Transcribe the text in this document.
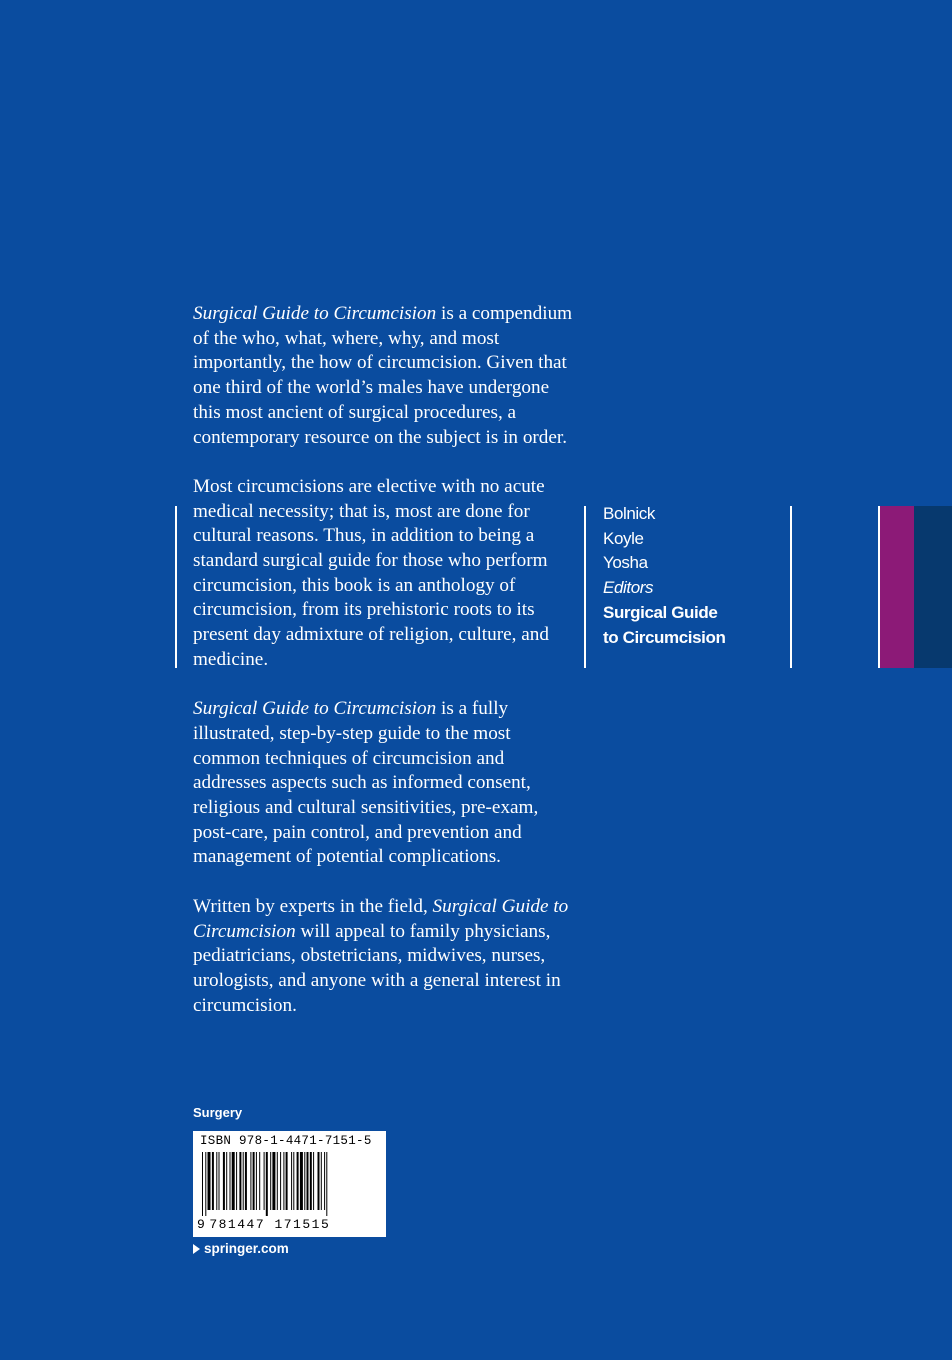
Surgical Guide to Circumcision is a compendium of the who, what, where, why, and most importantly, the how of circumcision. Given that one third of the world’s males have undergone this most ancient of surgical procedures, a contemporary resource on the subject is in order.

Most circumcisions are elective with no acute medical necessity; that is, most are done for cultural reasons. Thus, in addition to being a standard surgical guide for those who perform circumcision, this book is an anthology of circumcision, from its prehistoric roots to its present day admixture of religion, culture, and medicine.

Surgical Guide to Circumcision is a fully illustrated, step-by-step guide to the most common techniques of circumcision and addresses aspects such as informed consent, religious and cultural sensitivities, pre-exam, post-care, pain control, and prevention and management of potential complications.

Written by experts in the field, Surgical Guide to Circumcision will appeal to family physicians, pediatricians, obstetricians, midwives, nurses, urologists, and anyone with a general interest in circumcision.

Bolnick
Koyle
Yosha
Editors
Surgical Guide
to Circumcision
Surgery
ISBN 978-1-4471-7151-5
9 781447 171515
springer.com
